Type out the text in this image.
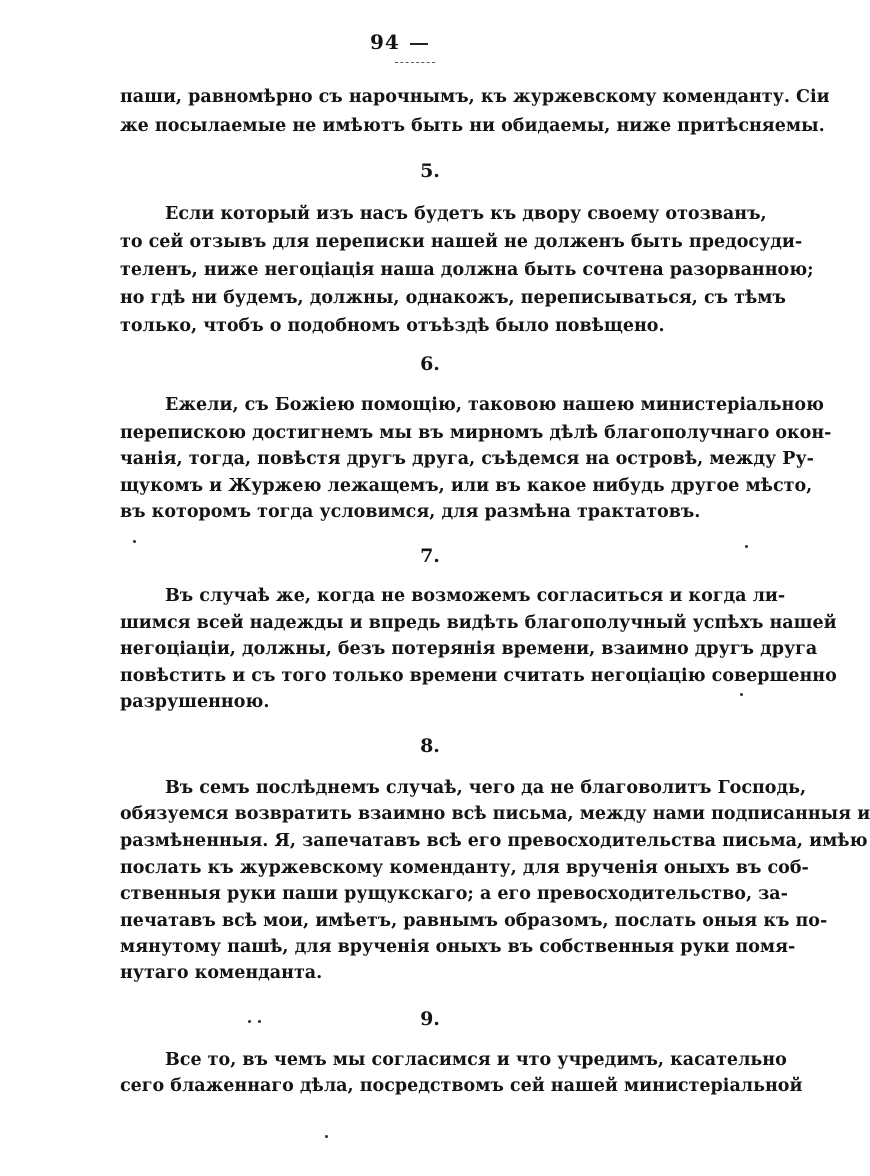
94
паши, равномѣрно съ нарочнымъ, къ журжевскому коменданту. Сіи
же посылаемые не имѣютъ быть ни обидаемы, ниже притѣсняемы.
5.
Если который изъ насъ будетъ къ двору своему отозванъ,
то сей отзывъ для переписки нашей не долженъ быть предосуди-
теленъ, ниже негоціація наша должна быть сочтена разорванною;
но гдѣ ни будемъ, должны, однакожъ, переписываться, съ тѣмъ
только, чтобъ о подобномъ отъѣздѣ было повѣщено.
6.
Ежели, съ Божіею помощію, таковою нашею министеріальною
перепискою достигнемъ мы въ мирномъ дѣлѣ благополучнаго окон-
чанія, тогда, повѣстя другъ друга, съѣдемся на островѣ, между Ру-
щукомъ и Журжею лежащемъ, или въ какое нибудь другое мѣсто,
въ которомъ тогда условимся, для размѣна трактатовъ.
7.
Въ случаѣ же, когда не возможемъ согласиться и когда ли-
шимся всей надежды и впредь видѣть благополучный успѣхъ нашей
негоціаціи, должны, безъ потерянія времени, взаимно другъ друга
повѣстить и съ того только времени считать негоціацію совершенно
разрушенною.
8.
Въ семъ послѣднемъ случаѣ, чего да не благоволитъ Господь,
обязуемся возвратить взаимно всѣ письма, между нами подписанныя и
размѣненныя. Я, запечатавъ всѣ его превосходительства письма, имѣю
послать къ журжевскому коменданту, для врученія оныхъ въ соб-
ственныя руки паши рущукскаго; а его превосходительство, за-
печатавъ всѣ мои, имѣетъ, равнымъ образомъ, послать оныя къ по-
мянутому пашѣ, для врученія оныхъ въ собственныя руки помя-
нутаго коменданта.
9.
Все то, въ чемъ мы согласимся и что учредимъ, касательно
сего блаженнаго дѣла, посредствомъ сей нашей министеріальной
